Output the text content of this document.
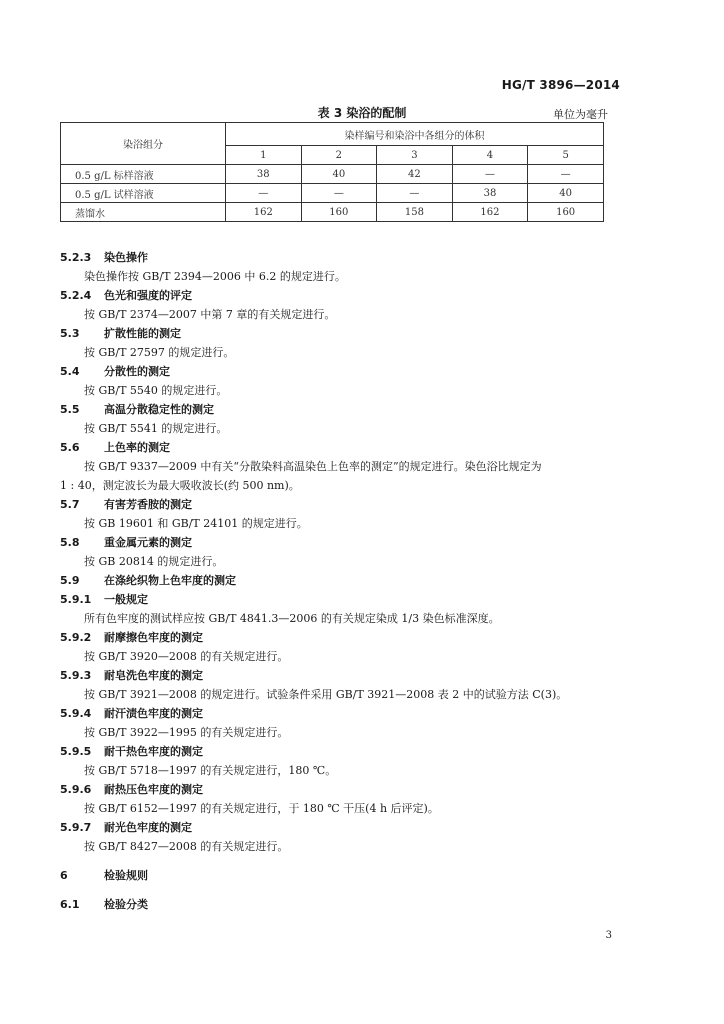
HG/T 3896—2014
表 3 染浴的配制	单位为毫升
染浴组分	染样编号和染浴中各组分的体积				
	1	2	3	4	5
0.5 g/L 标样溶液	38	40	42	—	—
0.5 g/L 试样溶液	—	—	—	38	40
蒸馏水	162	160	158	162	160
5.2.3 染色操作
染色操作按 GB/T 2394—2006 中 6.2 的规定进行。
5.2.4 色光和强度的评定
按 GB/T 2374—2007 中第 7 章的有关规定进行。
5.3 扩散性能的测定
按 GB/T 27597 的规定进行。
5.4 分散性的测定
按 GB/T 5540 的规定进行。
5.5 高温分散稳定性的测定
按 GB/T 5541 的规定进行。
5.6 上色率的测定
按 GB/T 9337—2009 中有关“分散染料高温染色上色率的测定”的规定进行。染色浴比规定为
1 : 40，测定波长为最大吸收波长(约 500 nm)。
5.7 有害芳香胺的测定
按 GB 19601 和 GB/T 24101 的规定进行。
5.8 重金属元素的测定
按 GB 20814 的规定进行。
5.9 在涤纶织物上色牢度的测定
5.9.1 一般规定
所有色牢度的测试样应按 GB/T 4841.3—2006 的有关规定染成 1/3 染色标准深度。
5.9.2 耐摩擦色牢度的测定
按 GB/T 3920—2008 的有关规定进行。
5.9.3 耐皂洗色牢度的测定
按 GB/T 3921—2008 的规定进行。试验条件采用 GB/T 3921—2008 表 2 中的试验方法 C(3)。
5.9.4 耐汗渍色牢度的测定
按 GB/T 3922—1995 的有关规定进行。
5.9.5 耐干热色牢度的测定
按 GB/T 5718—1997 的有关规定进行，180 ℃。
5.9.6 耐热压色牢度的测定
按 GB/T 6152—1997 的有关规定进行，于 180 ℃ 干压(4 h 后评定)。
5.9.7 耐光色牢度的测定
按 GB/T 8427—2008 的有关规定进行。
6	检验规则
6.1 检验分类
3
